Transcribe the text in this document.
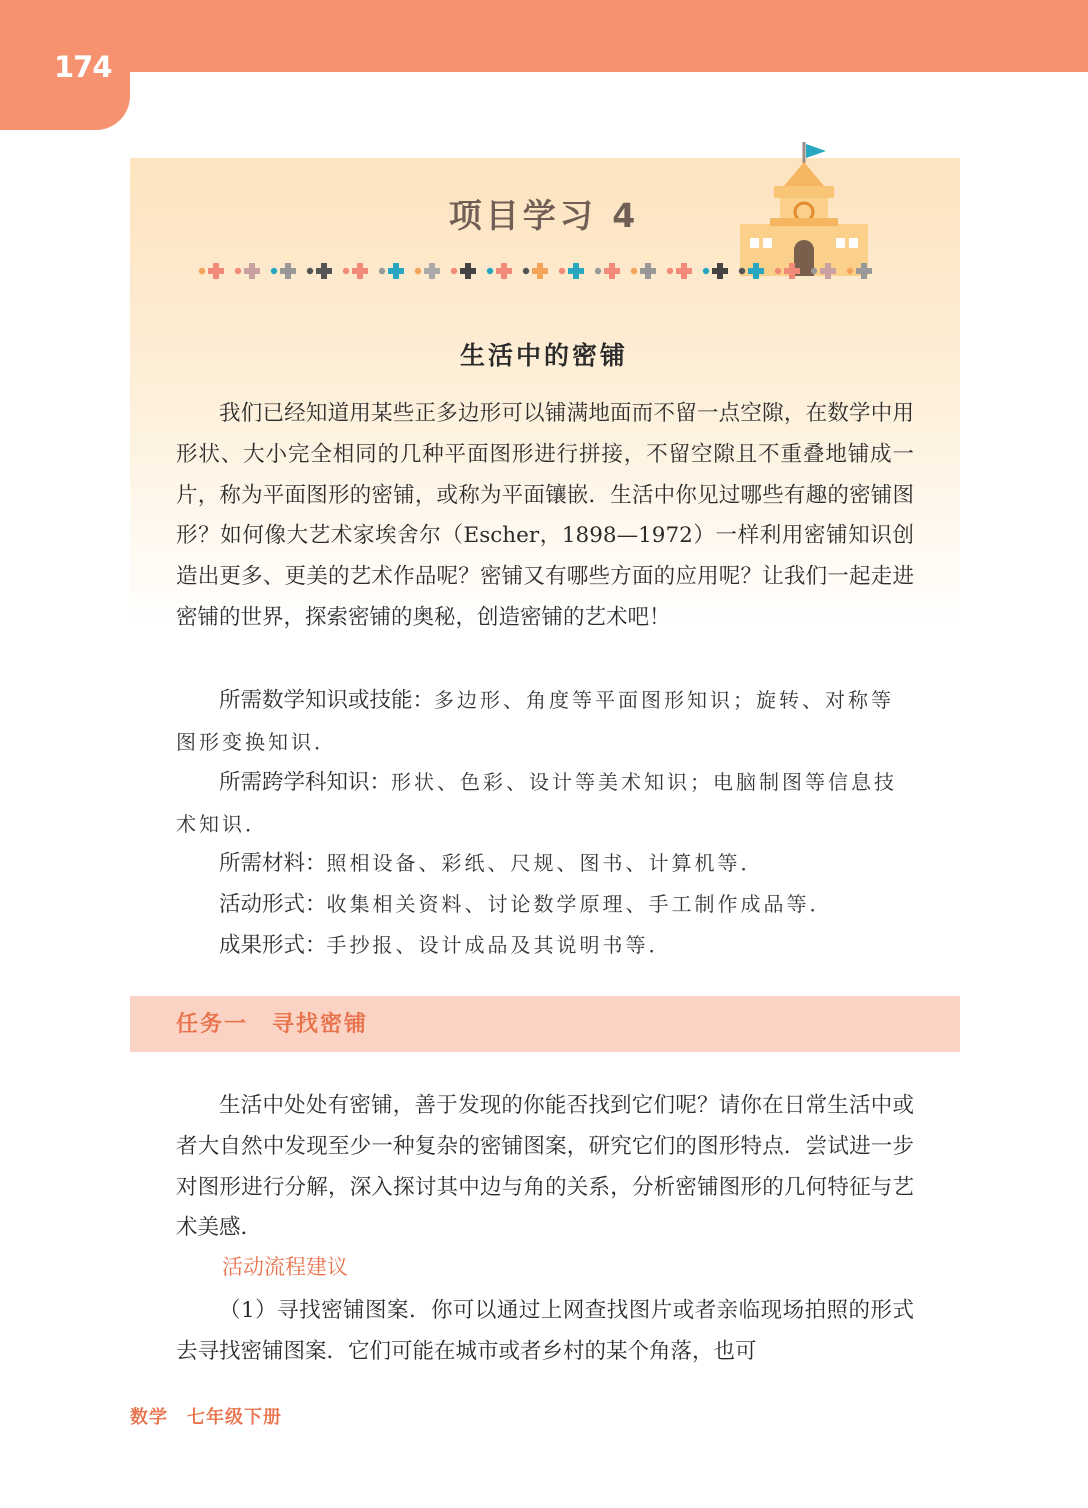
174
项目学习 4
生活中的密铺

我们已经知道用某些正多边形可以铺满地面而不留一点空隙，在数学中用形状、大小完全相同的几种平面图形进行拼接，不留空隙且不重叠地铺成一片，称为平面图形的密铺，或称为平面镶嵌．生活中你见过哪些有趣的密铺图形？如何像大艺术家埃舍尔（Escher，1898—1972）一样利用密铺知识创造出更多、更美的艺术作品呢？密铺又有哪些方面的应用呢？让我们一起走进密铺的世界，探索密铺的奥秘，创造密铺的艺术吧！

所需数学知识或技能：多边形、角度等平面图形知识；旋转、对称等图形变换知识．

所需跨学科知识：形状、色彩、设计等美术知识；电脑制图等信息技术知识．

所需材料：照相设备、彩纸、尺规、图书、计算机等．

活动形式：收集相关资料、讨论数学原理、手工制作成品等．

成果形式：手抄报、设计成品及其说明书等．

任务一　寻找密铺

生活中处处有密铺，善于发现的你能否找到它们呢？请你在日常生活中或者大自然中发现至少一种复杂的密铺图案，研究它们的图形特点．尝试进一步对图形进行分解，深入探讨其中边与角的关系，分析密铺图形的几何特征与艺术美感．

活动流程建议

（1）寻找密铺图案．你可以通过上网查找图片或者亲临现场拍照的形式去寻找密铺图案．它们可能在城市或者乡村的某个角落，也可

数学　七年级下册
